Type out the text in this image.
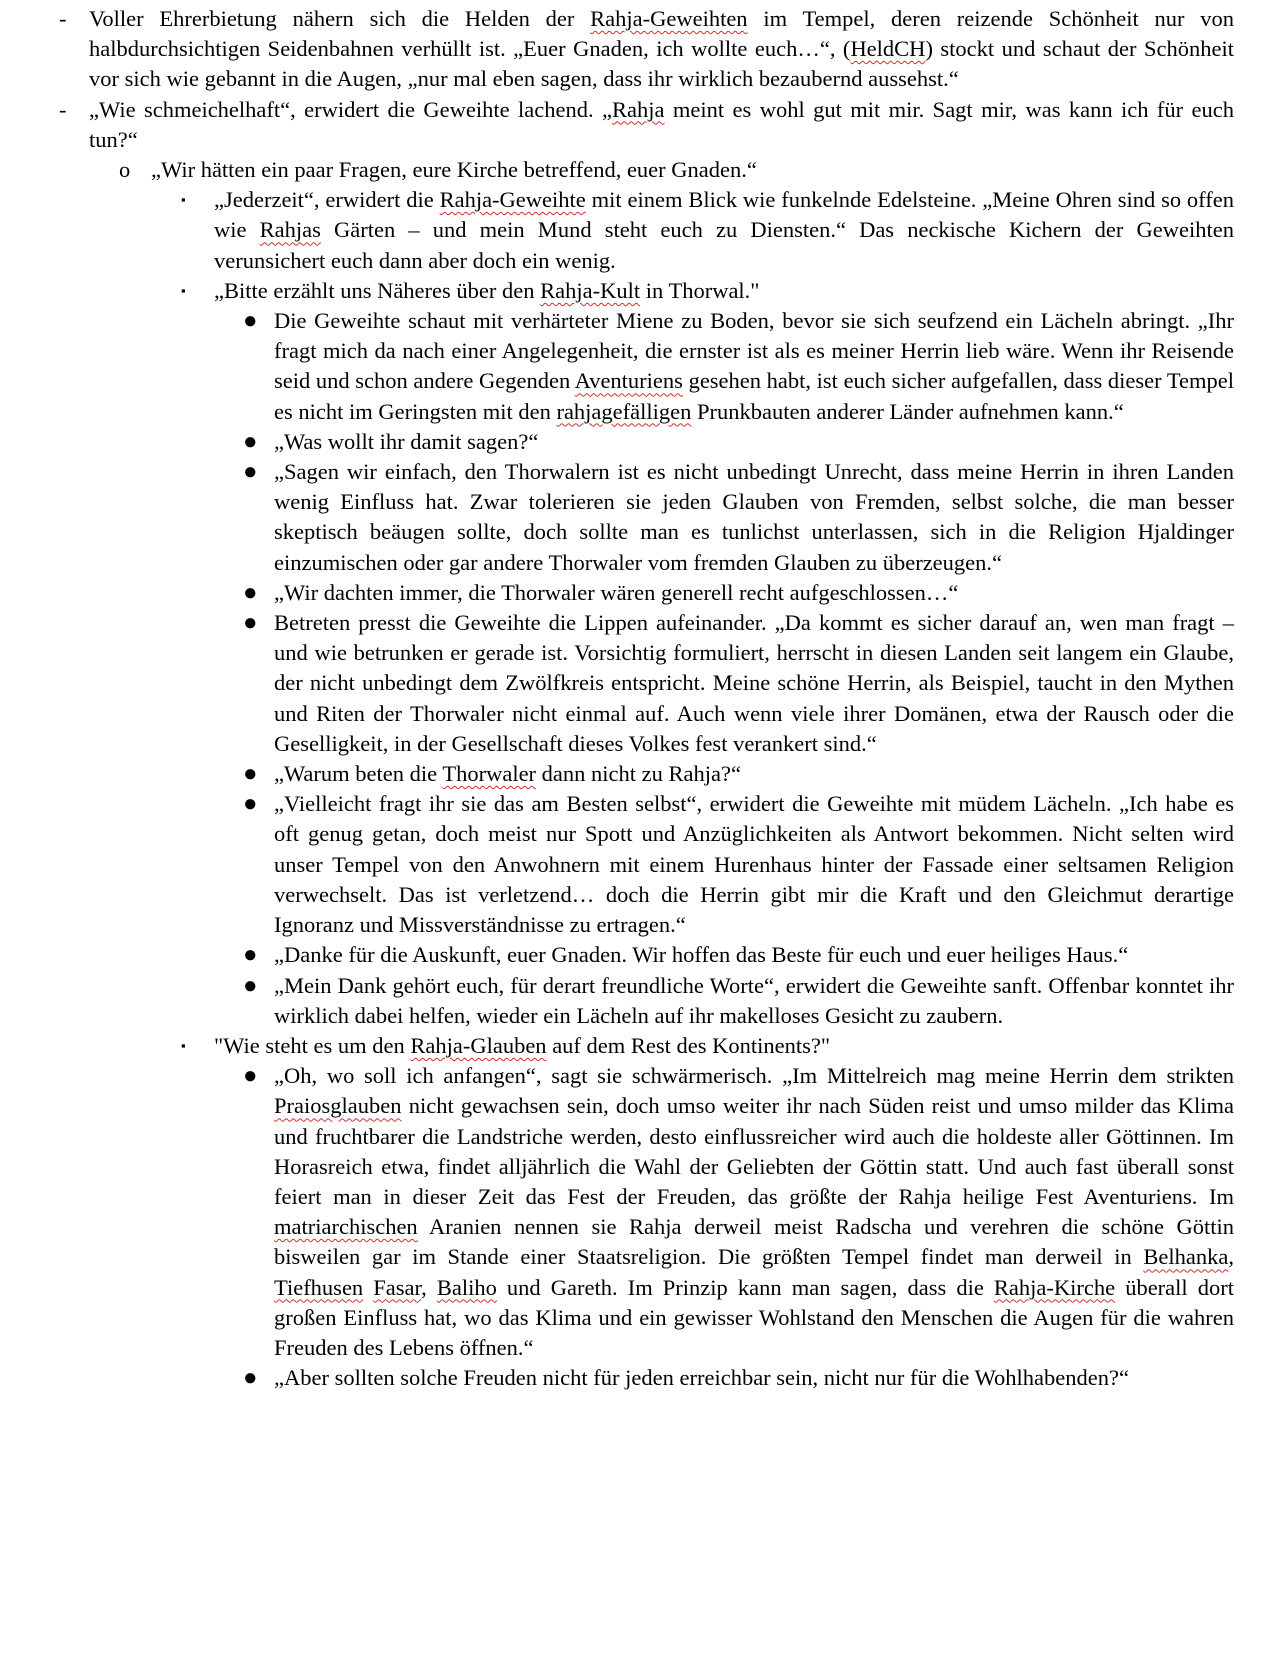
- Voller Ehrerbietung nähern sich die Helden der Rahja-Geweihten im Tempel, deren reizende Schönheit nur von halbdurchsichtigen Seidenbahnen verhüllt ist. „Euer Gnaden, ich wollte euch…“, (HeldCH) stockt und schaut der Schönheit vor sich wie gebannt in die Augen, „nur mal eben sagen, dass ihr wirklich bezaubernd aussehst.“
- „Wie schmeichelhaft“, erwidert die Geweihte lachend. „Rahja meint es wohl gut mit mir. Sagt mir, was kann ich für euch tun?“
o „Wir hätten ein paar Fragen, eure Kirche betreffend, euer Gnaden.“
▪ „Jederzeit“, erwidert die Rahja-Geweihte mit einem Blick wie funkelnde Edelsteine. „Meine Ohren sind so offen wie Rahjas Gärten – und mein Mund steht euch zu Diensten.“ Das neckische Kichern der Geweihten verunsichert euch dann aber doch ein wenig.
▪ „Bitte erzählt uns Näheres über den Rahja-Kult in Thorwal."
● Die Geweihte schaut mit verhärteter Miene zu Boden, bevor sie sich seufzend ein Lächeln abringt. „Ihr fragt mich da nach einer Angelegenheit, die ernster ist als es meiner Herrin lieb wäre. Wenn ihr Reisende seid und schon andere Gegenden Aventuriens gesehen habt, ist euch sicher aufgefallen, dass dieser Tempel es nicht im Geringsten mit den rahjagefälligen Prunkbauten anderer Länder aufnehmen kann.“
● „Was wollt ihr damit sagen?“
● „Sagen wir einfach, den Thorwalern ist es nicht unbedingt Unrecht, dass meine Herrin in ihren Landen wenig Einfluss hat. Zwar tolerieren sie jeden Glauben von Fremden, selbst solche, die man besser skeptisch beäugen sollte, doch sollte man es tunlichst unterlassen, sich in die Religion Hjaldinger einzumischen oder gar andere Thorwaler vom fremden Glauben zu überzeugen.“
● „Wir dachten immer, die Thorwaler wären generell recht aufgeschlossen…“
● Betreten presst die Geweihte die Lippen aufeinander. „Da kommt es sicher darauf an, wen man fragt – und wie betrunken er gerade ist. Vorsichtig formuliert, herrscht in diesen Landen seit langem ein Glaube, der nicht unbedingt dem Zwölfkreis entspricht. Meine schöne Herrin, als Beispiel, taucht in den Mythen und Riten der Thorwaler nicht einmal auf. Auch wenn viele ihrer Domänen, etwa der Rausch oder die Geselligkeit, in der Gesellschaft dieses Volkes fest verankert sind.“
● „Warum beten die Thorwaler dann nicht zu Rahja?“
● „Vielleicht fragt ihr sie das am Besten selbst“, erwidert die Geweihte mit müdem Lächeln. „Ich habe es oft genug getan, doch meist nur Spott und Anzüglichkeiten als Antwort bekommen. Nicht selten wird unser Tempel von den Anwohnern mit einem Hurenhaus hinter der Fassade einer seltsamen Religion verwechselt. Das ist verletzend… doch die Herrin gibt mir die Kraft und den Gleichmut derartige Ignoranz und Missverständnisse zu ertragen.“
● „Danke für die Auskunft, euer Gnaden. Wir hoffen das Beste für euch und euer heiliges Haus.“
● „Mein Dank gehört euch, für derart freundliche Worte“, erwidert die Geweihte sanft. Offenbar konntet ihr wirklich dabei helfen, wieder ein Lächeln auf ihr makelloses Gesicht zu zaubern.
▪ "Wie steht es um den Rahja-Glauben auf dem Rest des Kontinents?"
● „Oh, wo soll ich anfangen“, sagt sie schwärmerisch. „Im Mittelreich mag meine Herrin dem strikten Praiosglauben nicht gewachsen sein, doch umso weiter ihr nach Süden reist und umso milder das Klima und fruchtbarer die Landstriche werden, desto einflussreicher wird auch die holdeste aller Göttinnen. Im Horasreich etwa, findet alljährlich die Wahl der Geliebten der Göttin statt. Und auch fast überall sonst feiert man in dieser Zeit das Fest der Freuden, das größte der Rahja heilige Fest Aventuriens. Im matriarchischen Aranien nennen sie Rahja derweil meist Radscha und verehren die schöne Göttin bisweilen gar im Stande einer Staatsreligion. Die größten Tempel findet man derweil in Belhanka, Tiefhusen Fasar, Baliho und Gareth. Im Prinzip kann man sagen, dass die Rahja-Kirche überall dort großen Einfluss hat, wo das Klima und ein gewisser Wohlstand den Menschen die Augen für die wahren Freuden des Lebens öffnen.“
● „Aber sollten solche Freuden nicht für jeden erreichbar sein, nicht nur für die Wohlhabenden?“
